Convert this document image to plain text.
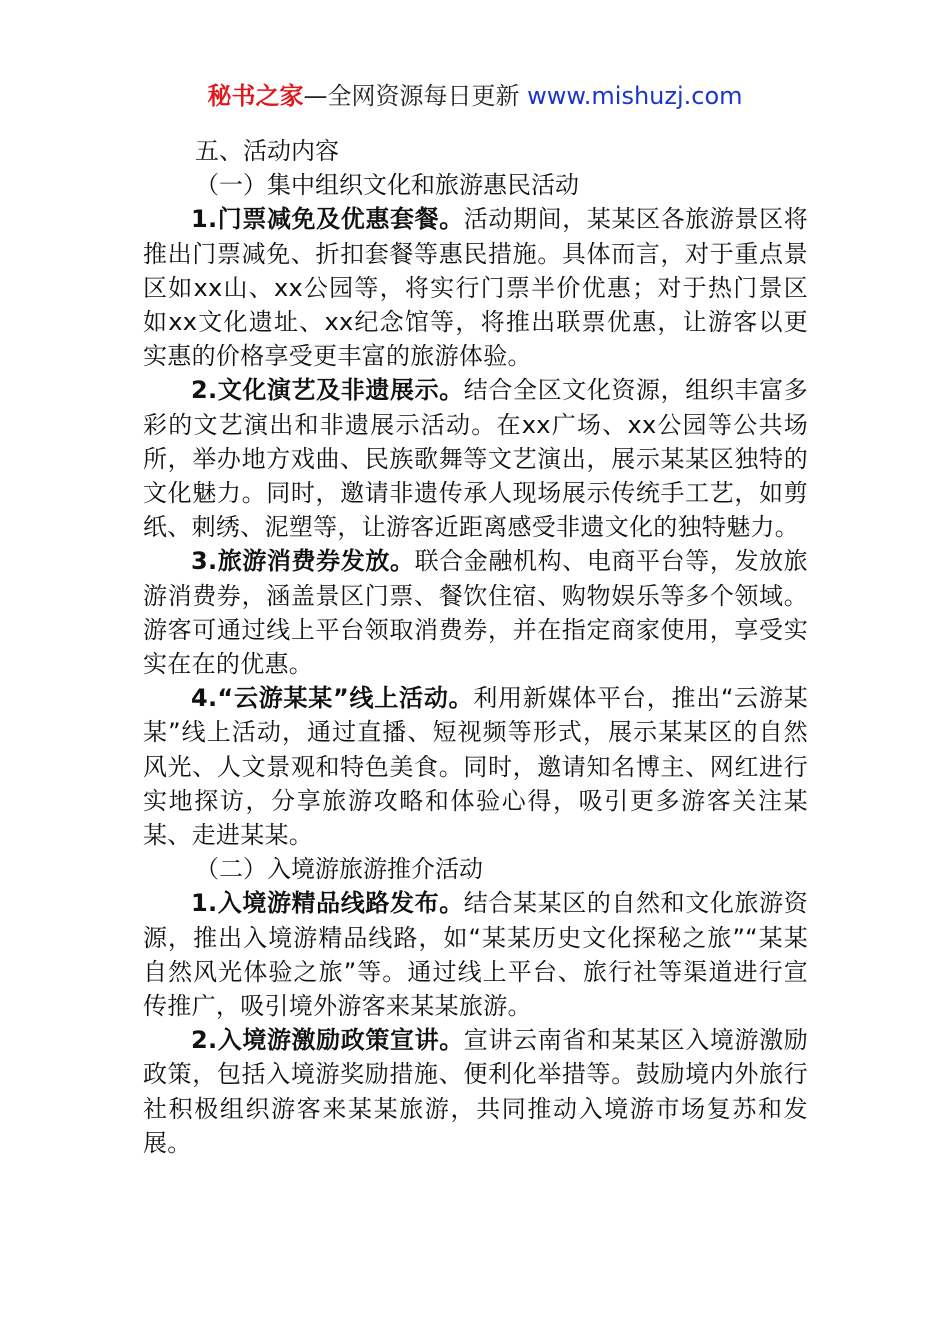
秘书之家—全网资源每日更新 www.mishuzj.com

五、活动内容

（一）集中组织文化和旅游惠民活动

1.门票减免及优惠套餐。活动期间，某某区各旅游景区将推出门票减免、折扣套餐等惠民措施。具体而言，对于重点景区如xx山、xx公园等，将实行门票半价优惠；对于热门景区如xx文化遗址、xx纪念馆等，将推出联票优惠，让游客以更实惠的价格享受更丰富的旅游体验。

2.文化演艺及非遗展示。结合全区文化资源，组织丰富多彩的文艺演出和非遗展示活动。在xx广场、xx公园等公共场所，举办地方戏曲、民族歌舞等文艺演出，展示某某区独特的文化魅力。同时，邀请非遗传承人现场展示传统手工艺，如剪纸、刺绣、泥塑等，让游客近距离感受非遗文化的独特魅力。

3.旅游消费券发放。联合金融机构、电商平台等，发放旅游消费券，涵盖景区门票、餐饮住宿、购物娱乐等多个领域。游客可通过线上平台领取消费券，并在指定商家使用，享受实实在在的优惠。

4.“云游某某”线上活动。利用新媒体平台，推出“云游某某”线上活动，通过直播、短视频等形式，展示某某区的自然风光、人文景观和特色美食。同时，邀请知名博主、网红进行实地探访，分享旅游攻略和体验心得，吸引更多游客关注某某、走进某某。

（二）入境游旅游推介活动

1.入境游精品线路发布。结合某某区的自然和文化旅游资源，推出入境游精品线路，如“某某历史文化探秘之旅”“某某自然风光体验之旅”等。通过线上平台、旅行社等渠道进行宣传推广，吸引境外游客来某某旅游。

2.入境游激励政策宣讲。宣讲云南省和某某区入境游激励政策，包括入境游奖励措施、便利化举措等。鼓励境内外旅行社积极组织游客来某某旅游，共同推动入境游市场复苏和发展。
